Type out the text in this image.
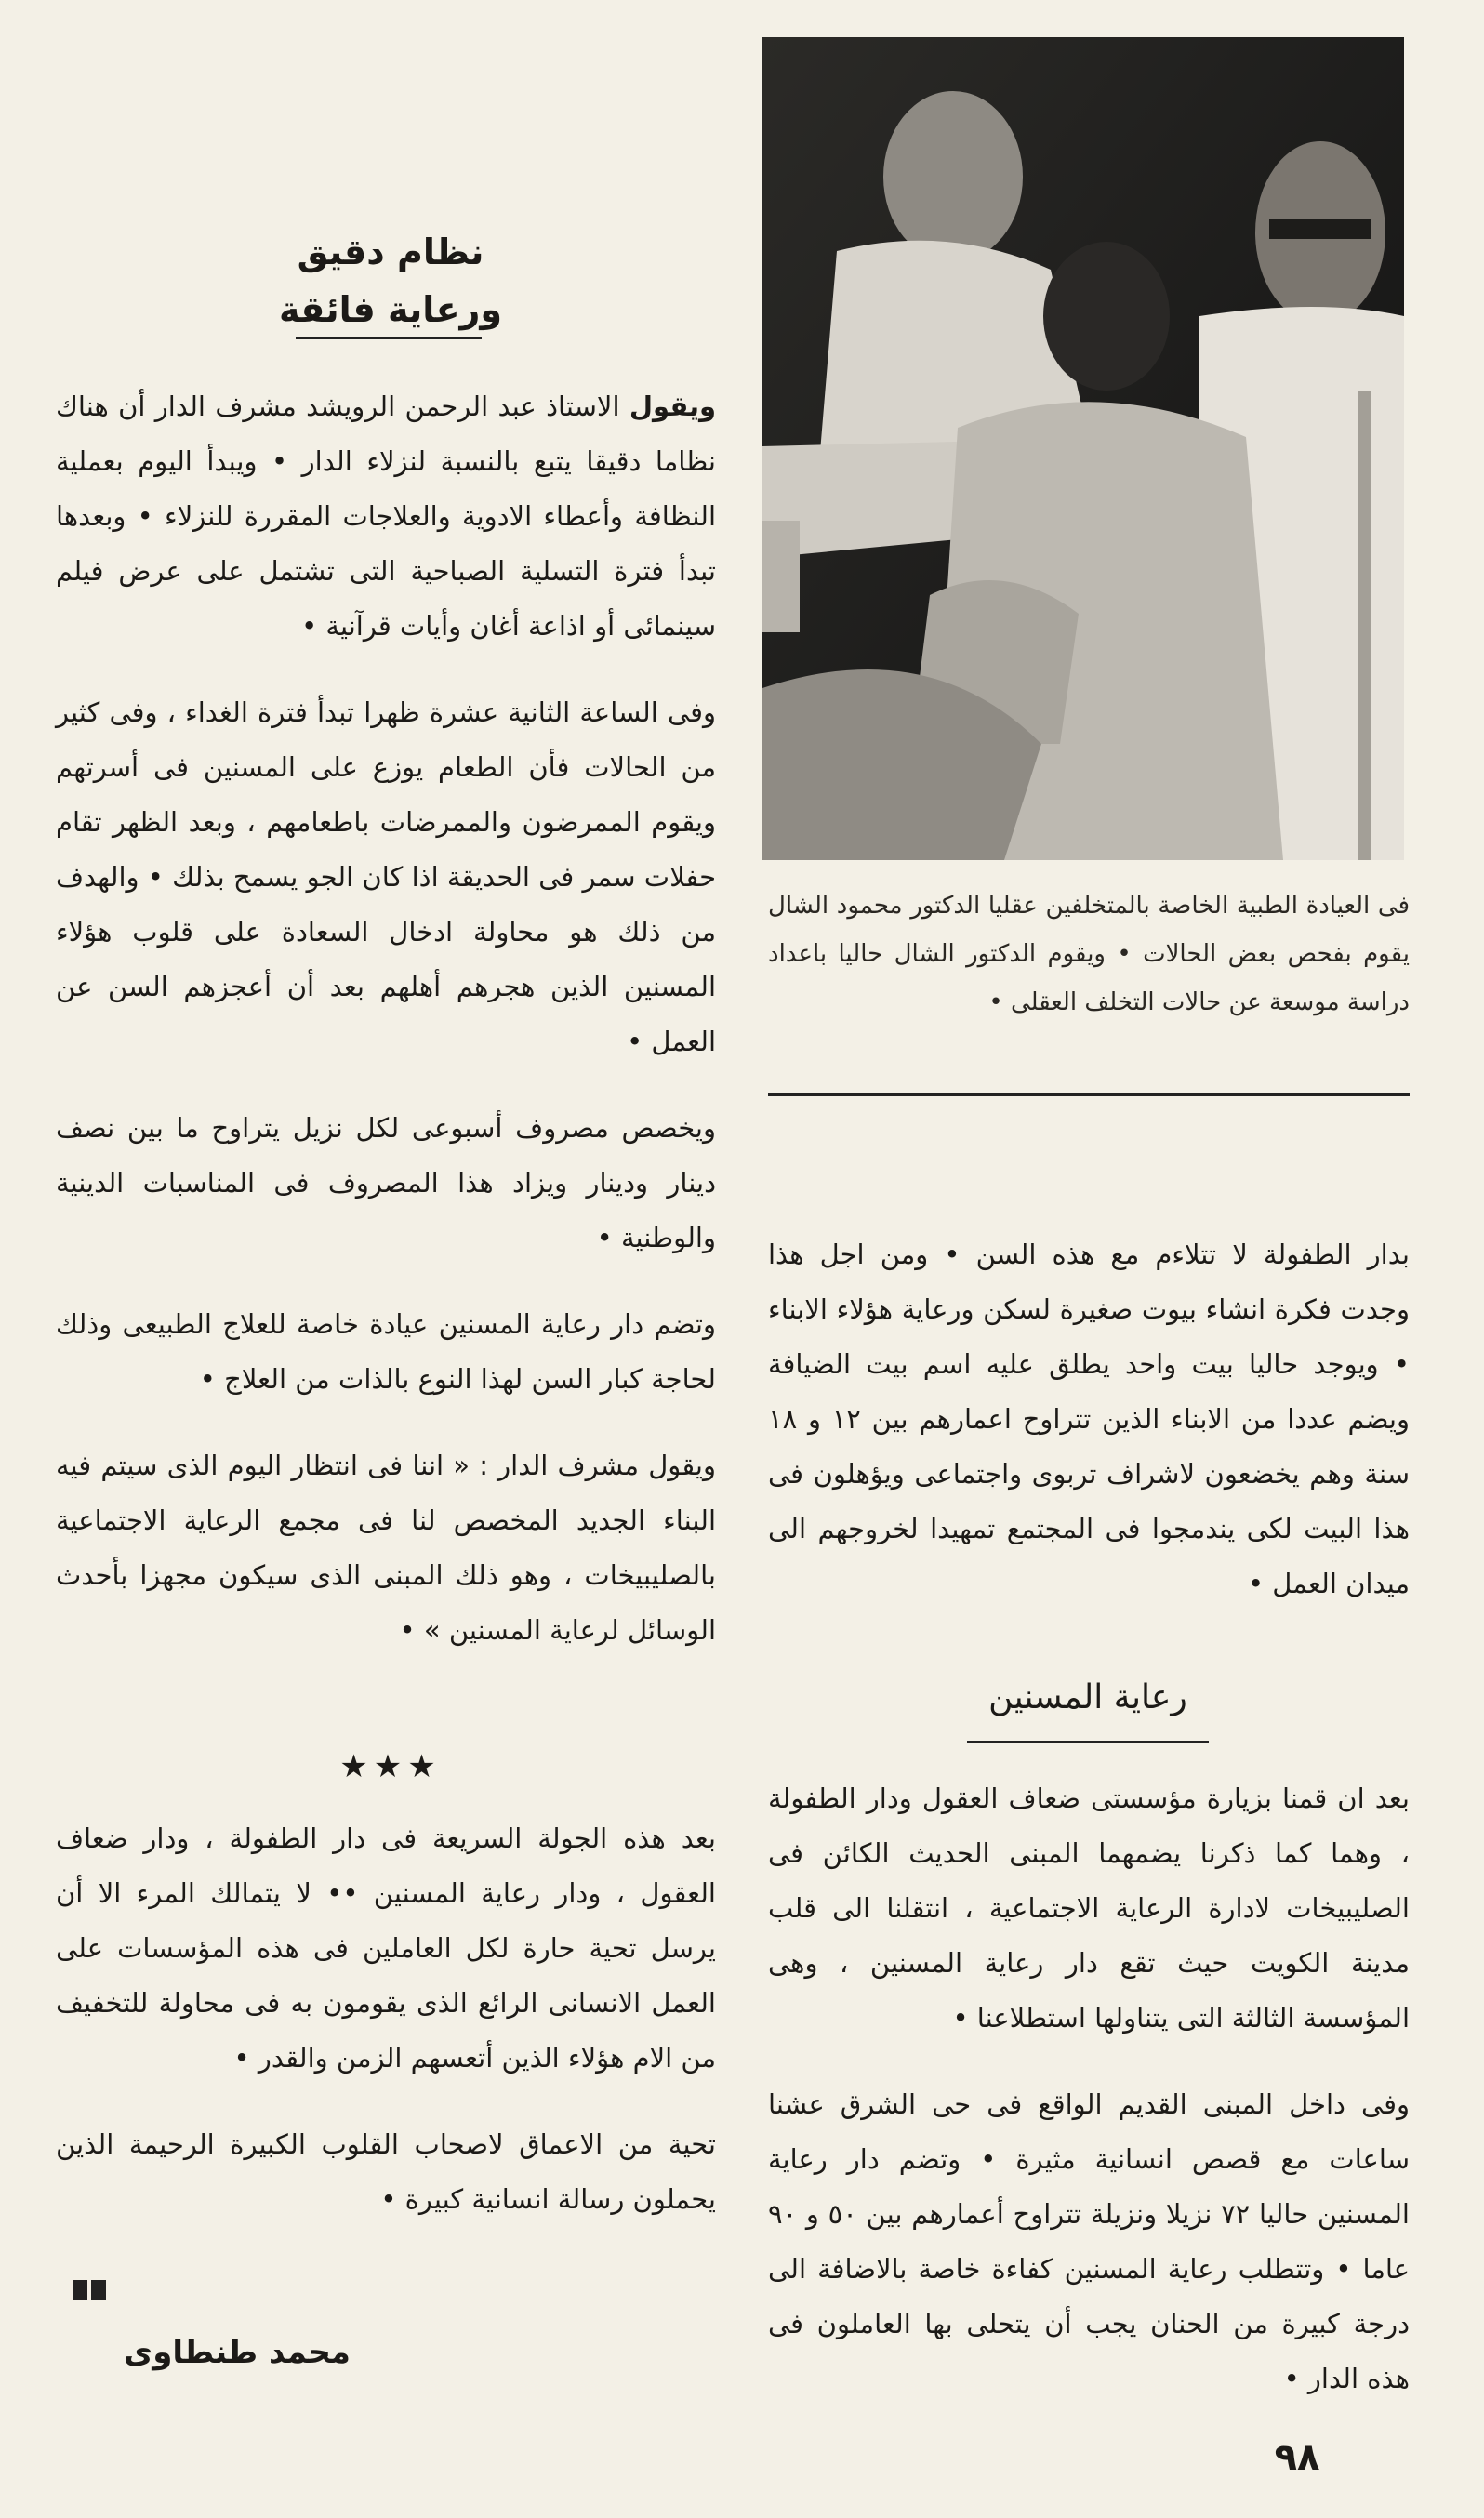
فى العيادة الطبية الخاصة بالمتخلفين عقليا الدكتور محمود الشال يقوم بفحص بعض الحالات • ويقوم الدكتور الشال حاليا باعداد دراسة موسعة عن حالات التخلف العقلى •
نظام دقيق
ورعاية فائقة

ويقول الاستاذ عبد الرحمن الرويشد مشرف الدار أن هناك نظاما دقيقا يتبع بالنسبة لنزلاء الدار • ويبدأ اليوم بعملية النظافة وأعطاء الادوية والعلاجات المقررة للنزلاء • وبعدها تبدأ فترة التسلية الصباحية التى تشتمل على عرض فيلم سينمائى أو اذاعة أغان وأيات قرآنية •

وفى الساعة الثانية عشرة ظهرا تبدأ فترة الغداء ، وفى كثير من الحالات فأن الطعام يوزع على المسنين فى أسرتهم ويقوم الممرضون والممرضات باطعامهم ، وبعد الظهر تقام حفلات سمر فى الحديقة اذا كان الجو يسمح بذلك • والهدف من ذلك هو محاولة ادخال السعادة على قلوب هؤلاء المسنين الذين هجرهم أهلهم بعد أن أعجزهم السن عن العمل •

ويخصص مصروف أسبوعى لكل نزيل يتراوح ما بين نصف دينار ودينار ويزاد هذا المصروف فى المناسبات الدينية والوطنية •

وتضم دار رعاية المسنين عيادة خاصة للعلاج الطبيعى وذلك لحاجة كبار السن لهذا النوع بالذات من العلاج •

ويقول مشرف الدار : « اننا فى انتظار اليوم الذى سيتم فيه البناء الجديد المخصص لنا فى مجمع الرعاية الاجتماعية بالصليبيخات ، وهو ذلك المبنى الذى سيكون مجهزا بأحدث الوسائل لرعاية المسنين » •

★★★

بعد هذه الجولة السريعة فى دار الطفولة ، ودار ضعاف العقول ، ودار رعاية المسنين •• لا يتمالك المرء الا أن يرسل تحية حارة لكل العاملين فى هذه المؤسسات على العمل الانسانى الرائع الذى يقومون به فى محاولة للتخفيف من الام هؤلاء الذين أتعسهم الزمن والقدر •

تحية من الاعماق لاصحاب القلوب الكبيرة الرحيمة الذين يحملون رسالة انسانية كبيرة •

محمد طنطاوى

بدار الطفولة لا تتلاءم مع هذه السن • ومن اجل هذا وجدت فكرة انشاء بيوت صغيرة لسكن ورعاية هؤلاء الابناء • ويوجد حاليا بيت واحد يطلق عليه اسم بيت الضيافة ويضم عددا من الابناء الذين تتراوح اعمارهم بين ١٢ و ١٨ سنة وهم يخضعون لاشراف تربوى واجتماعى ويؤهلون فى هذا البيت لكى يندمجوا فى المجتمع تمهيدا لخروجهم الى ميدان العمل •

رعاية المسنين

بعد ان قمنا بزيارة مؤسستى ضعاف العقول ودار الطفولة ، وهما كما ذكرنا يضمهما المبنى الحديث الكائن فى الصليبيخات لادارة الرعاية الاجتماعية ، انتقلنا الى قلب مدينة الكويت حيث تقع دار رعاية المسنين ، وهى المؤسسة الثالثة التى يتناولها استطلاعنا •

وفى داخل المبنى القديم الواقع فى حى الشرق عشنا ساعات مع قصص انسانية مثيرة • وتضم دار رعاية المسنين حاليا ٧٢ نزيلا ونزيلة تتراوح أعمارهم بين ٥٠ و ٩٠ عاما • وتتطلب رعاية المسنين كفاءة خاصة بالاضافة الى درجة كبيرة من الحنان يجب أن يتحلى بها العاملون فى هذه الدار •

٩٨
